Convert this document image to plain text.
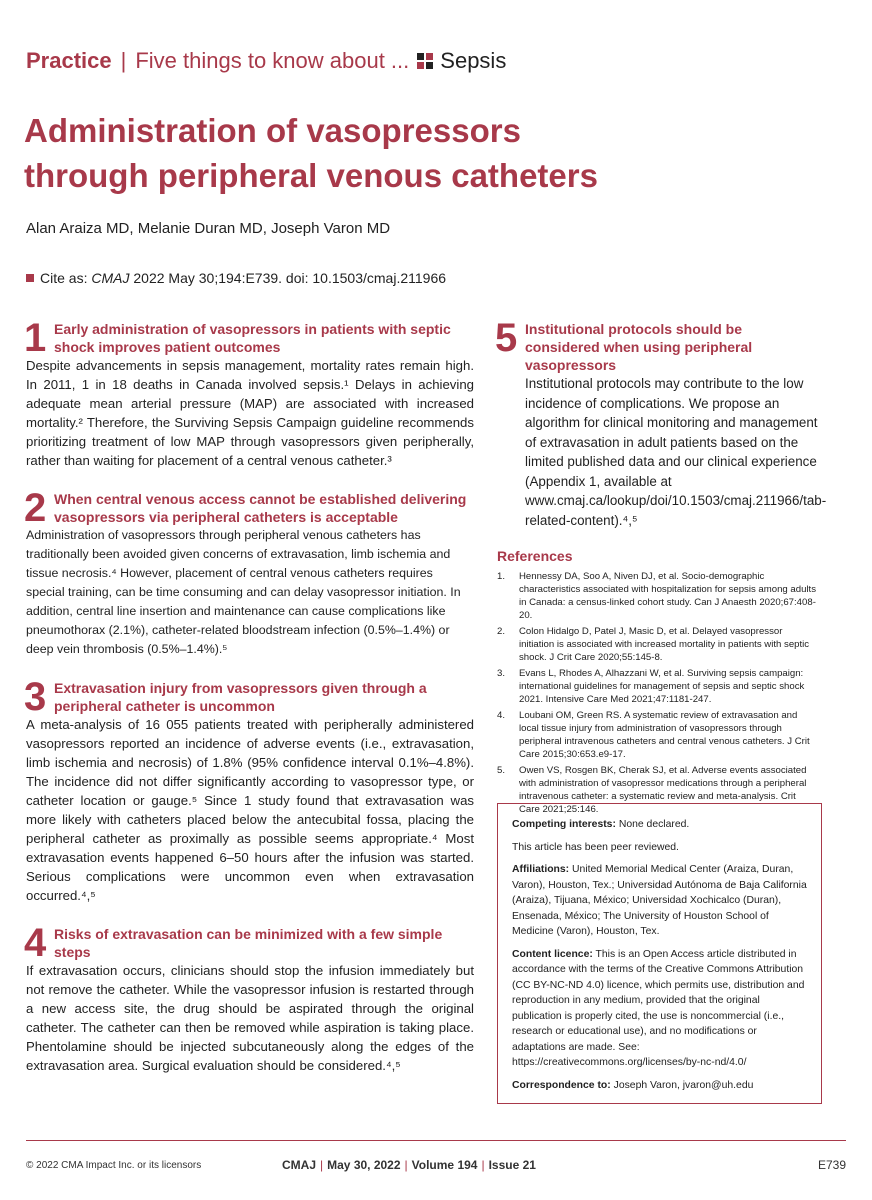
Practice | Five things to know about ... Sepsis
Administration of vasopressors
through peripheral venous catheters
Alan Araiza MD, Melanie Duran MD, Joseph Varon MD
Cite as:
CMAJ
2022 May 30;194:E739. doi: 10.1503/cmaj.211966
1 Early administration of vasopressors in patients with septic shock improves patient outcomes

Despite advancements in sepsis management, mortality rates remain high. In 2011, 1 in 18 deaths in Canada involved sepsis.¹ Delays in achieving adequate mean arterial pressure (MAP) are associated with increased mortality.² Therefore, the Surviving Sepsis Campaign guideline recommends prioritizing treatment of low MAP through vasopressors given peripherally, rather than waiting for placement of a central venous catheter.³

2 When central venous access cannot be established delivering vasopressors via peripheral catheters is acceptable

Administration of vasopressors through peripheral venous catheters has traditionally been avoided given concerns of extravasation, limb ischemia and tissue necrosis.⁴ However, placement of central venous catheters requires special training, can be time consuming and can delay vasopressor initiation. In addition, central line insertion and maintenance can cause complications like pneumothorax (2.1%), catheter-related bloodstream infection (0.5%–1.4%) or deep vein thrombosis (0.5%–1.4%).⁵

3 Extravasation injury from vasopressors given through a peripheral catheter is uncommon

A meta-analysis of 16 055 patients treated with peripherally administered vasopressors reported an incidence of adverse events (i.e., extravasation, limb ischemia and necrosis) of 1.8% (95% confidence interval 0.1%–4.8%). The incidence did not differ significantly according to vasopressor type, or catheter location or gauge.⁵ Since 1 study found that extravasation was more likely with catheters placed below the antecubital fossa, placing the peripheral catheter as proximally as possible seems appropriate.⁴ Most extravasation events happened 6–50 hours after the infusion was started. Serious complications were uncommon even when extravasation occurred.⁴,⁵

4 Risks of extravasation can be minimized with a few simple steps

If extravasation occurs, clinicians should stop the infusion immediately but not remove the catheter. While the vasopressor infusion is restarted through a new access site, the drug should be aspirated through the original catheter. The catheter can then be removed while aspiration is taking place. Phentolamine should be injected subcutaneously along the edges of the extravasation area. Surgical evaluation should be considered.⁴,⁵

5 Institutional protocols should be considered when using peripheral vasopressors

Institutional protocols may contribute to the low incidence of complications. We propose an algorithm for clinical monitoring and management of extravasation in adult patients based on the limited published data and our clinical experience (Appendix 1, available at www.cmaj.ca/lookup/doi/10.1503/cmaj.211966/tab-related-content).⁴,⁵

References
1.	Hennessy DA, Soo A, Niven DJ, et al. Socio-demographic characteristics associated with hospitalization for sepsis among adults in Canada: a census-linked cohort study. Can J Anaesth 2020;67:408-20.
2.	Colon Hidalgo D, Patel J, Masic D, et al. Delayed vasopressor initiation is associated with increased mortality in patients with septic shock. J Crit Care 2020;55:145-8.
3.	Evans L, Rhodes A, Alhazzani W, et al. Surviving sepsis campaign: international guidelines for management of sepsis and septic shock 2021. Intensive Care Med 2021;47:1181-247.
4.	Loubani OM, Green RS. A systematic review of extravasation and local tissue injury from administration of vasopressors through peripheral intravenous catheters and central venous catheters. J Crit Care 2015;30:653.e9-17.
5.	Owen VS, Rosgen BK, Cherak SJ, et al. Adverse events associated with administration of vasopressor medications through a peripheral intravenous catheter: a systematic review and meta-analysis. Crit Care 2021;25:146.

Competing interests: None declared.

This article has been peer reviewed.

Affiliations: United Memorial Medical Center (Araiza, Duran, Varon), Houston, Tex.; Universidad Autónoma de Baja California (Araiza), Tijuana, México; Universidad Xochicalco (Duran), Ensenada, México; The University of Houston School of Medicine (Varon), Houston, Tex.

Content licence: This is an Open Access article distributed in accordance with the terms of the Creative Commons Attribution (CC BY-NC-ND 4.0) licence, which permits use, distribution and reproduction in any medium, provided that the original publication is properly cited, the use is noncommercial (i.e., research or educational use), and no modifications or adaptations are made. See: https://creativecommons.org/licenses/by-nc-nd/4.0/

Correspondence to: Joseph Varon, jvaron@uh.edu

© 2022 CMA Impact Inc. or its licensors	CMAJ | May 30, 2022 | Volume 194 | Issue 21	E739
